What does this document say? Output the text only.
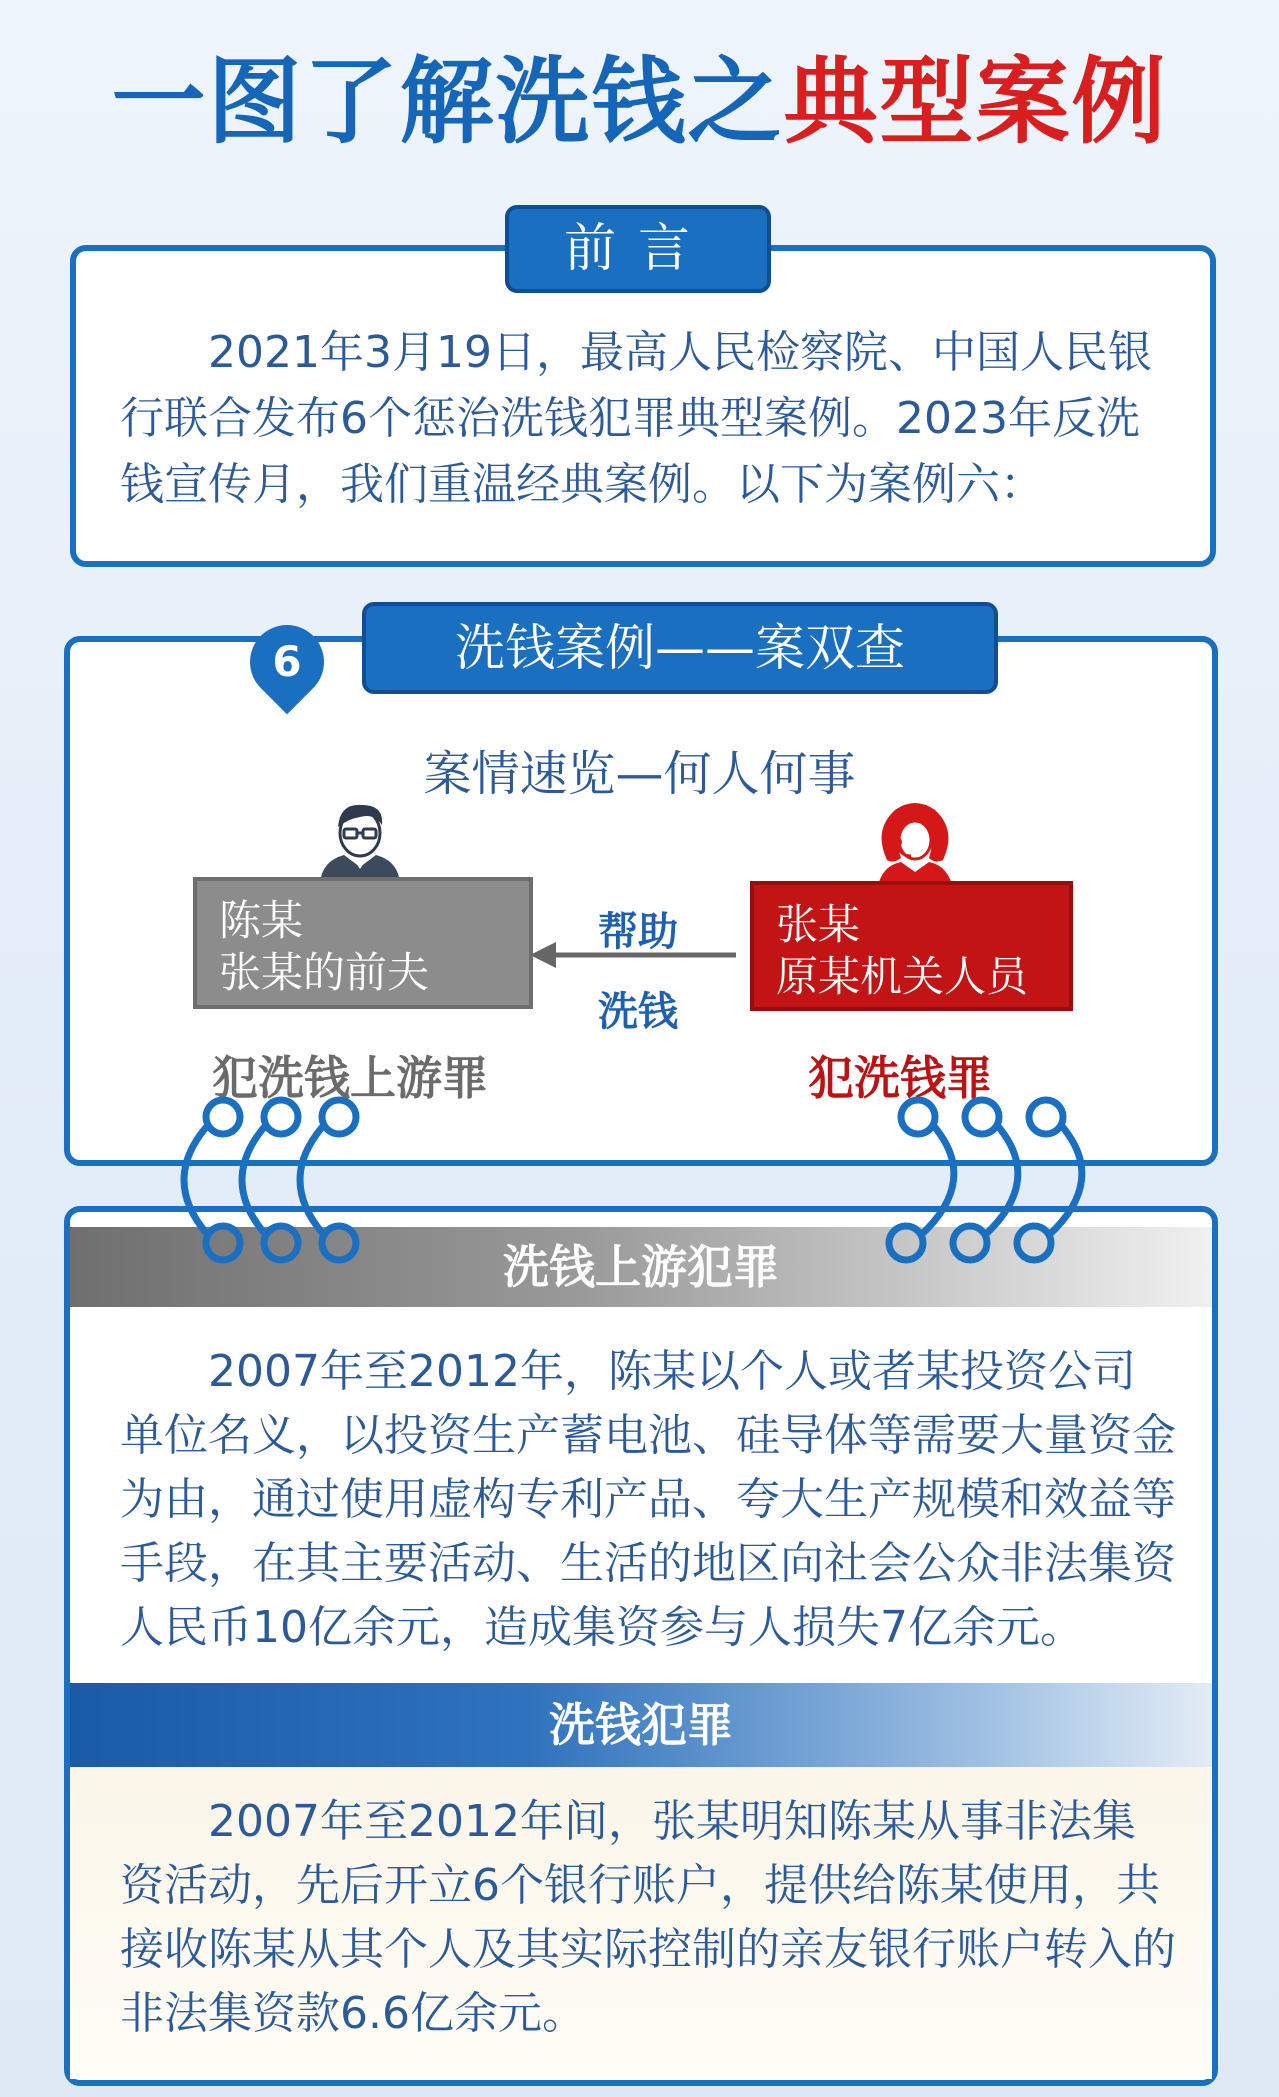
一图了解洗钱之典型案例
前言
2021年3月19日，最高人民检察院、中国人民银行联合发布6个惩治洗钱犯罪典型案例。2023年反洗钱宣传月，我们重温经典案例。以下为案例六：
洗钱案例——案双查
6
案情速览—何人何事
陈某
张某的前夫
张某
原某机关人员
帮助
洗钱
犯洗钱上游罪	犯洗钱罪
洗钱上游犯罪
2007年至2012年，陈某以个人或者某投资公司单位名义，以投资生产蓄电池、硅导体等需要大量资金为由，通过使用虚构专利产品、夸大生产规模和效益等手段，在其主要活动、生活的地区向社会公众非法集资人民币10亿余元，造成集资参与人损失7亿余元。
洗钱犯罪
2007年至2012年间，张某明知陈某从事非法集资活动，先后开立6个银行账户，提供给陈某使用，共接收陈某从其个人及其实际控制的亲友银行账户转入的非法集资款6.6亿余元。
